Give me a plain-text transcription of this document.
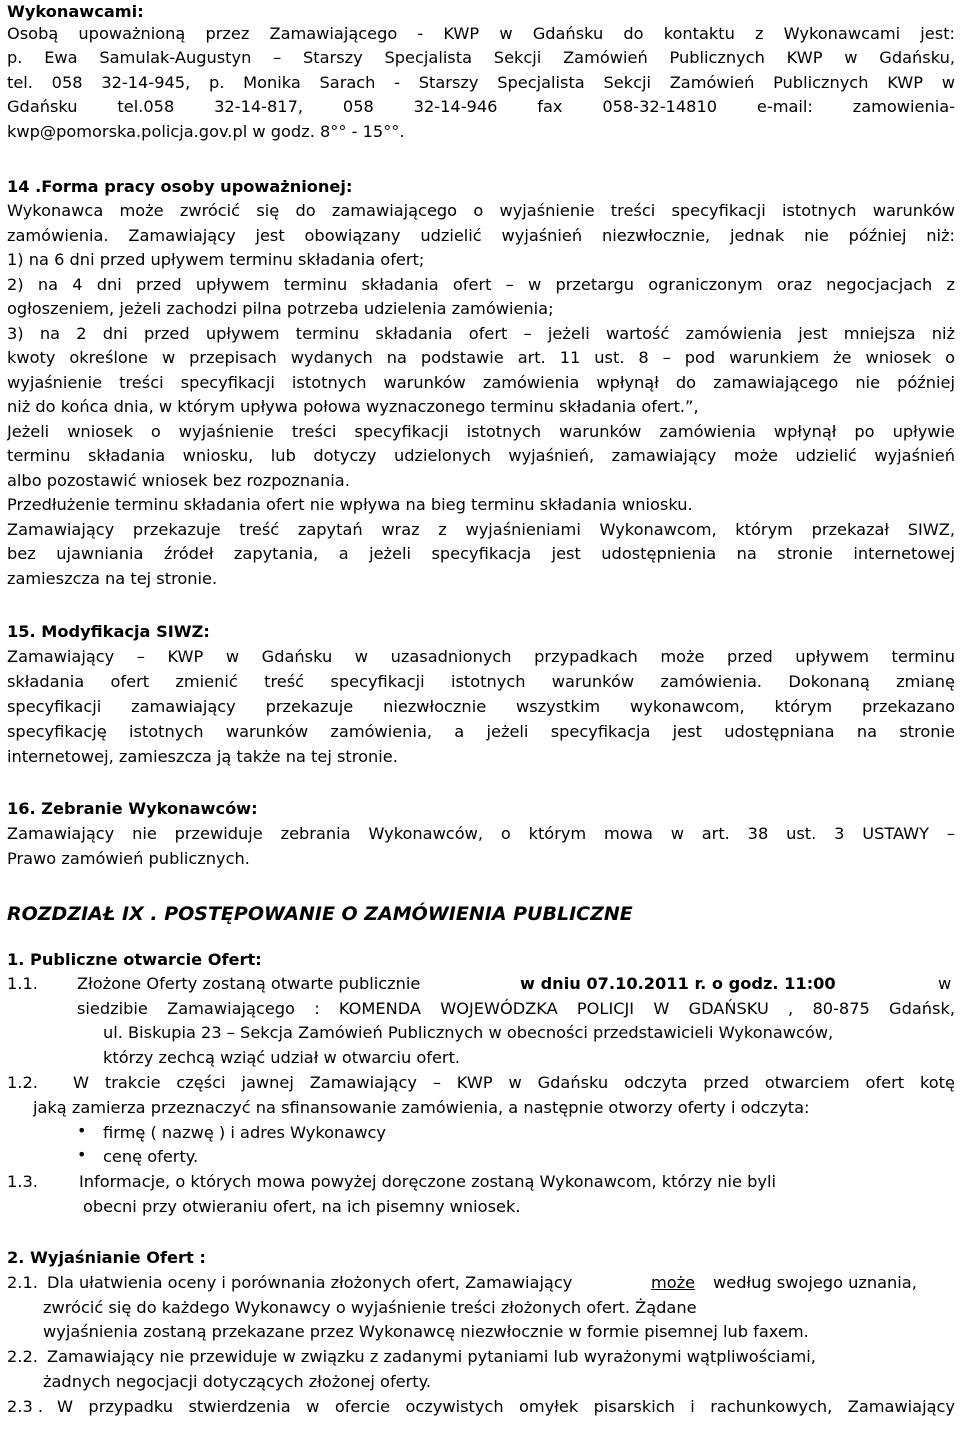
Wykonawcami:
Osobą upoważnioną przez Zamawiającego - KWP w Gdańsku do kontaktu z Wykonawcami jest:
p. Ewa Samulak-Augustyn – Starszy Specjalista Sekcji Zamówień Publicznych KWP w Gdańsku,
tel. 058 32-14-945, p. Monika Sarach - Starszy Specjalista Sekcji Zamówień Publicznych KWP w
Gdańsku tel.058 32-14-817, 058 32-14-946 fax 058-32-14810 e-mail: zamowienia-
kwp@pomorska.policja.gov.pl w godz. 8°° - 15°°.
14 .Forma pracy osoby upoważnionej:
Wykonawca może zwrócić się do zamawiającego o wyjaśnienie treści specyfikacji istotnych warunków
zamówienia. Zamawiający jest obowiązany udzielić wyjaśnień niezwłocznie, jednak nie później niż:
1) na 6 dni przed upływem terminu składania ofert;
2) na 4 dni przed upływem terminu składania ofert – w przetargu ograniczonym oraz negocjacjach z
ogłoszeniem, jeżeli zachodzi pilna potrzeba udzielenia zamówienia;
3) na 2 dni przed upływem terminu składania ofert – jeżeli wartość zamówienia jest mniejsza niż
kwoty określone w przepisach wydanych na podstawie art. 11 ust. 8 – pod warunkiem że wniosek o
wyjaśnienie treści specyfikacji istotnych warunków zamówienia wpłynął do zamawiającego nie później
niż do końca dnia, w którym upływa połowa wyznaczonego terminu składania ofert.”,
Jeżeli wniosek o wyjaśnienie treści specyfikacji istotnych warunków zamówienia wpłynął po upływie
terminu składania wniosku, lub dotyczy udzielonych wyjaśnień, zamawiający może udzielić wyjaśnień
albo pozostawić wniosek bez rozpoznania.
Przedłużenie terminu składania ofert nie wpływa na bieg terminu składania wniosku.
Zamawiający przekazuje treść zapytań wraz z wyjaśnieniami Wykonawcom, którym przekazał SIWZ,
bez ujawniania źródeł zapytania, a jeżeli specyfikacja jest udostępnienia na stronie internetowej
zamieszcza na tej stronie.
15. Modyfikacja SIWZ:
Zamawiający – KWP w Gdańsku w uzasadnionych przypadkach może przed upływem terminu
składania ofert zmienić treść specyfikacji istotnych warunków zamówienia. Dokonaną zmianę
specyfikacji zamawiający przekazuje niezwłocznie wszystkim wykonawcom, którym przekazano
specyfikację istotnych warunków zamówienia, a jeżeli specyfikacja jest udostępniana na stronie
internetowej, zamieszcza ją także na tej stronie.
16. Zebranie Wykonawców:
Zamawiający nie przewiduje zebrania Wykonawców, o którym mowa w art. 38 ust. 3 USTAWY –
Prawo zamówień publicznych.
ROZDZIAŁ IX . POSTĘPOWANIE O ZAMÓWIENIA PUBLICZNE
1. Publiczne otwarcie Ofert:
1.1.	Złożone Oferty zostaną otwarte publicznie	w dniu 07.10.2011 r. o godz. 11:00	w
siedzibie Zamawiającego : KOMENDA WOJEWÓDZKA POLICJI W GDAŃSKU , 80-875 Gdańsk,
ul. Biskupia 23 – Sekcja Zamówień Publicznych w obecności przedstawicieli Wykonawców,
którzy zechcą wziąć udział w otwarciu ofert.
1.2.	W trakcie części jawnej Zamawiający – KWP w Gdańsku odczyta przed otwarciem ofert kotę
jaką zamierza przeznaczyć na sfinansowanie zamówienia, a następnie otworzy oferty i odczyta:
• firmę ( nazwę ) i adres Wykonawcy
• cenę oferty.
1.3.	Informacje, o których mowa powyżej doręczone zostaną Wykonawcom, którzy nie byli
obecni przy otwieraniu ofert, na ich pisemny wniosek.
2. Wyjaśnianie Ofert :
2.1. Dla ułatwienia oceny i porównania złożonych ofert, Zamawiający	może	według swojego uznania,
zwrócić się do każdego Wykonawcy o wyjaśnienie treści złożonych ofert. Żądane
wyjaśnienia zostaną przekazane przez Wykonawcę niezwłocznie w formie pisemnej lub faxem.
2.2. Zamawiający nie przewiduje w związku z zadanymi pytaniami lub wyrażonymi wątpliwościami,
żadnych negocjacji dotyczących złożonej oferty.
2.3 . W przypadku stwierdzenia w ofercie oczywistych omyłek pisarskich i rachunkowych, Zamawiający
